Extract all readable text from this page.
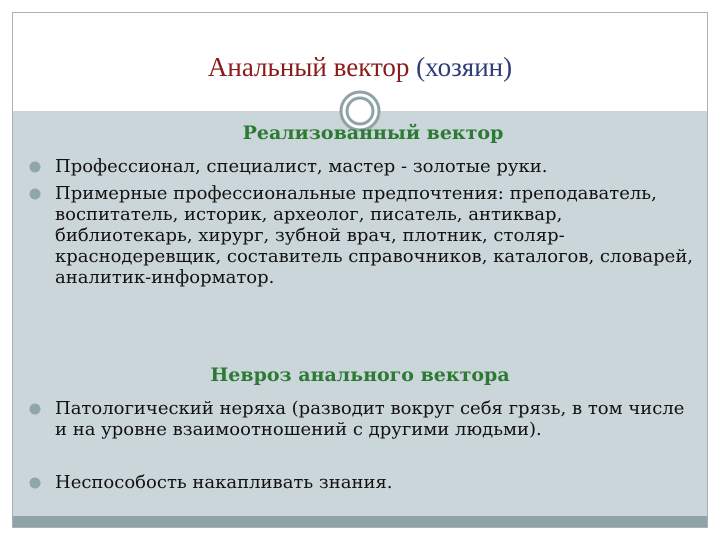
Анальный вектор (хозяин)
Реализованный вектор
Профессионал, специалист, мастер - золотые руки.
Примерные профессиональные предпочтения: преподаватель, воспитатель, историк, археолог, писатель, антиквар, библиотекарь, хирург, зубной врач, плотник, столяр-краснодеревщик, составитель справочников, каталогов, словарей, аналитик-информатор.
Невроз анального вектора
Патологический неряха (разводит вокруг себя грязь, в том числе и на уровне взаимоотношений с другими людьми).
Неспособость накапливать знания.
